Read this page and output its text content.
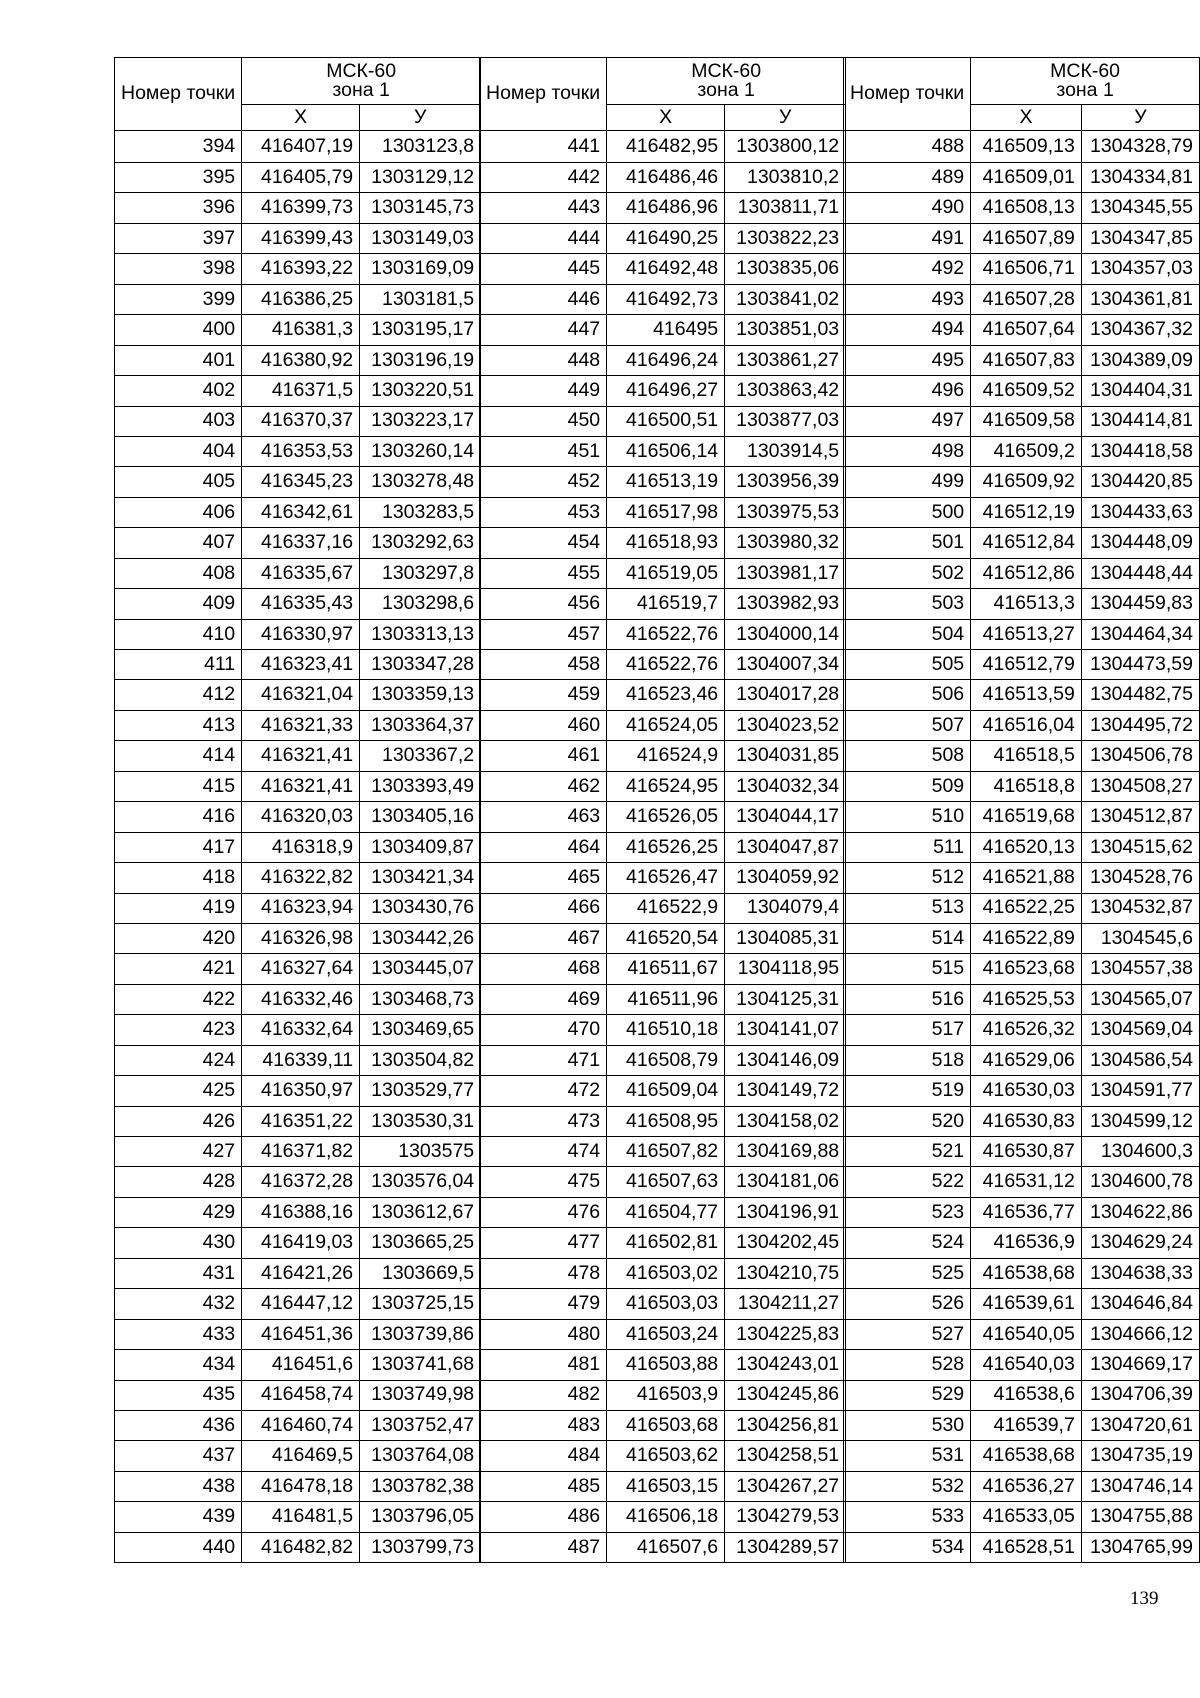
Номер точки	МСК-60
зона 1	
	Х	У
394	416407,19	1303123,8
395	416405,79	1303129,12
396	416399,73	1303145,73
397	416399,43	1303149,03
398	416393,22	1303169,09
399	416386,25	1303181,5
400	416381,3	1303195,17
401	416380,92	1303196,19
402	416371,5	1303220,51
403	416370,37	1303223,17
404	416353,53	1303260,14
405	416345,23	1303278,48
406	416342,61	1303283,5
407	416337,16	1303292,63
408	416335,67	1303297,8
409	416335,43	1303298,6
410	416330,97	1303313,13
411	416323,41	1303347,28
412	416321,04	1303359,13
413	416321,33	1303364,37
414	416321,41	1303367,2
415	416321,41	1303393,49
416	416320,03	1303405,16
417	416318,9	1303409,87
418	416322,82	1303421,34
419	416323,94	1303430,76
420	416326,98	1303442,26
421	416327,64	1303445,07
422	416332,46	1303468,73
423	416332,64	1303469,65
424	416339,11	1303504,82
425	416350,97	1303529,77
426	416351,22	1303530,31
427	416371,82	1303575
428	416372,28	1303576,04
429	416388,16	1303612,67
430	416419,03	1303665,25
431	416421,26	1303669,5
432	416447,12	1303725,15
433	416451,36	1303739,86
434	416451,6	1303741,68
435	416458,74	1303749,98
436	416460,74	1303752,47
437	416469,5	1303764,08
438	416478,18	1303782,38
439	416481,5	1303796,05
440	416482,82	1303799,73
Номер точки	МСК-60
зона 1	
	Х	У
441	416482,95	1303800,12
442	416486,46	1303810,2
443	416486,96	1303811,71
444	416490,25	1303822,23
445	416492,48	1303835,06
446	416492,73	1303841,02
447	416495	1303851,03
448	416496,24	1303861,27
449	416496,27	1303863,42
450	416500,51	1303877,03
451	416506,14	1303914,5
452	416513,19	1303956,39
453	416517,98	1303975,53
454	416518,93	1303980,32
455	416519,05	1303981,17
456	416519,7	1303982,93
457	416522,76	1304000,14
458	416522,76	1304007,34
459	416523,46	1304017,28
460	416524,05	1304023,52
461	416524,9	1304031,85
462	416524,95	1304032,34
463	416526,05	1304044,17
464	416526,25	1304047,87
465	416526,47	1304059,92
466	416522,9	1304079,4
467	416520,54	1304085,31
468	416511,67	1304118,95
469	416511,96	1304125,31
470	416510,18	1304141,07
471	416508,79	1304146,09
472	416509,04	1304149,72
473	416508,95	1304158,02
474	416507,82	1304169,88
475	416507,63	1304181,06
476	416504,77	1304196,91
477	416502,81	1304202,45
478	416503,02	1304210,75
479	416503,03	1304211,27
480	416503,24	1304225,83
481	416503,88	1304243,01
482	416503,9	1304245,86
483	416503,68	1304256,81
484	416503,62	1304258,51
485	416503,15	1304267,27
486	416506,18	1304279,53
487	416507,6	1304289,57
Номер точки	МСК-60
зона 1	
	Х	У
488	416509,13	1304328,79
489	416509,01	1304334,81
490	416508,13	1304345,55
491	416507,89	1304347,85
492	416506,71	1304357,03
493	416507,28	1304361,81
494	416507,64	1304367,32
495	416507,83	1304389,09
496	416509,52	1304404,31
497	416509,58	1304414,81
498	416509,2	1304418,58
499	416509,92	1304420,85
500	416512,19	1304433,63
501	416512,84	1304448,09
502	416512,86	1304448,44
503	416513,3	1304459,83
504	416513,27	1304464,34
505	416512,79	1304473,59
506	416513,59	1304482,75
507	416516,04	1304495,72
508	416518,5	1304506,78
509	416518,8	1304508,27
510	416519,68	1304512,87
511	416520,13	1304515,62
512	416521,88	1304528,76
513	416522,25	1304532,87
514	416522,89	1304545,6
515	416523,68	1304557,38
516	416525,53	1304565,07
517	416526,32	1304569,04
518	416529,06	1304586,54
519	416530,03	1304591,77
520	416530,83	1304599,12
521	416530,87	1304600,3
522	416531,12	1304600,78
523	416536,77	1304622,86
524	416536,9	1304629,24
525	416538,68	1304638,33
526	416539,61	1304646,84
527	416540,05	1304666,12
528	416540,03	1304669,17
529	416538,6	1304706,39
530	416539,7	1304720,61
531	416538,68	1304735,19
532	416536,27	1304746,14
533	416533,05	1304755,88
534	416528,51	1304765,99
139
